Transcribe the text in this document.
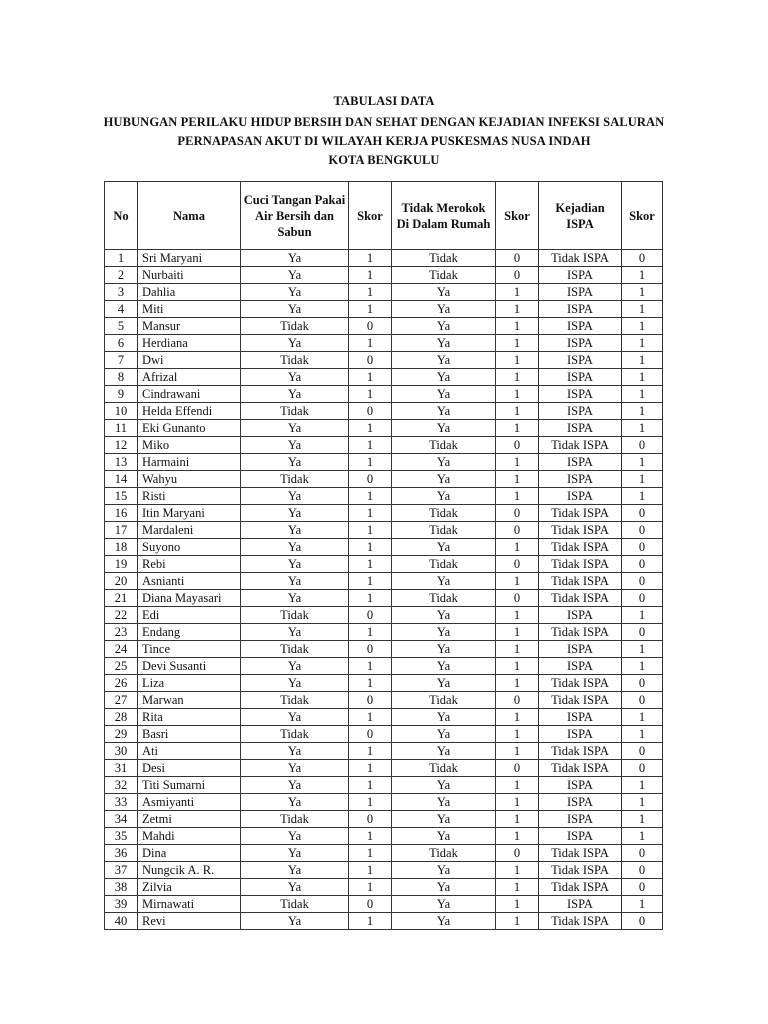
TABULASI DATA
HUBUNGAN PERILAKU HIDUP BERSIH DAN SEHAT DENGAN KEJADIAN INFEKSI SALURAN
PERNAPASAN AKUT DI WILAYAH KERJA PUSKESMAS NUSA INDAH
KOTA BENGKULU
No	Nama	Cuci Tangan Pakai Air Bersih dan Sabun	Skor	Tidak Merokok Di Dalam Rumah	Skor	Kejadian ISPA	Skor
1	Sri Maryani	Ya	1	Tidak	0	Tidak ISPA	0
2	Nurbaiti	Ya	1	Tidak	0	ISPA	1
3	Dahlia	Ya	1	Ya	1	ISPA	1
4	Miti	Ya	1	Ya	1	ISPA	1
5	Mansur	Tidak	0	Ya	1	ISPA	1
6	Herdiana	Ya	1	Ya	1	ISPA	1
7	Dwi	Tidak	0	Ya	1	ISPA	1
8	Afrizal	Ya	1	Ya	1	ISPA	1
9	Cindrawani	Ya	1	Ya	1	ISPA	1
10	Helda Effendi	Tidak	0	Ya	1	ISPA	1
11	Eki Gunanto	Ya	1	Ya	1	ISPA	1
12	Miko	Ya	1	Tidak	0	Tidak ISPA	0
13	Harmaini	Ya	1	Ya	1	ISPA	1
14	Wahyu	Tidak	0	Ya	1	ISPA	1
15	Risti	Ya	1	Ya	1	ISPA	1
16	Itin Maryani	Ya	1	Tidak	0	Tidak ISPA	0
17	Mardaleni	Ya	1	Tidak	0	Tidak ISPA	0
18	Suyono	Ya	1	Ya	1	Tidak ISPA	0
19	Rebi	Ya	1	Tidak	0	Tidak ISPA	0
20	Asnianti	Ya	1	Ya	1	Tidak ISPA	0
21	Diana Mayasari	Ya	1	Tidak	0	Tidak ISPA	0
22	Edi	Tidak	0	Ya	1	ISPA	1
23	Endang	Ya	1	Ya	1	Tidak ISPA	0
24	Tince	Tidak	0	Ya	1	ISPA	1
25	Devi Susanti	Ya	1	Ya	1	ISPA	1
26	Liza	Ya	1	Ya	1	Tidak ISPA	0
27	Marwan	Tidak	0	Tidak	0	Tidak ISPA	0
28	Rita	Ya	1	Ya	1	ISPA	1
29	Basri	Tidak	0	Ya	1	ISPA	1
30	Ati	Ya	1	Ya	1	Tidak ISPA	0
31	Desi	Ya	1	Tidak	0	Tidak ISPA	0
32	Titi Sumarni	Ya	1	Ya	1	ISPA	1
33	Asmiyanti	Ya	1	Ya	1	ISPA	1
34	Zetmi	Tidak	0	Ya	1	ISPA	1
35	Mahdi	Ya	1	Ya	1	ISPA	1
36	Dina	Ya	1	Tidak	0	Tidak ISPA	0
37	Nungcik A. R.	Ya	1	Ya	1	Tidak ISPA	0
38	Zilvia	Ya	1	Ya	1	Tidak ISPA	0
39	Mirnawati	Tidak	0	Ya	1	ISPA	1
40	Revi	Ya	1	Ya	1	Tidak ISPA	0
